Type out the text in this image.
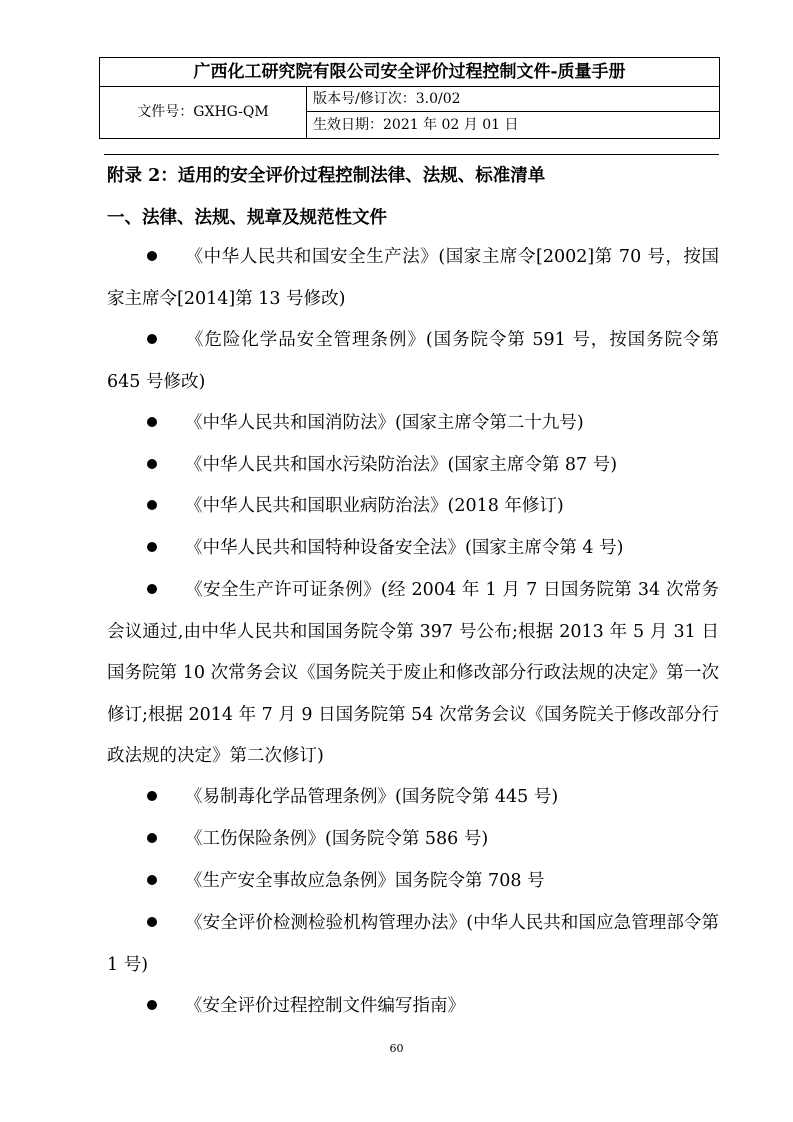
广西化工研究院有限公司安全评价过程控制文件-质量手册
文件号：GXHG-QM
版本号/修订次：3.0/02
生效日期：2021 年 02 月 01 日
附录 2：适用的安全评价过程控制法律、法规、标准清单
一、法律、法规、规章及规范性文件
《中华人民共和国安全生产法》(国家主席令[2002]第 70 号，按国家主席令[2014]第 13 号修改)
《危险化学品安全管理条例》(国务院令第 591 号，按国务院令第 645 号修改)
《中华人民共和国消防法》(国家主席令第二十九号)
《中华人民共和国水污染防治法》(国家主席令第 87 号)
《中华人民共和国职业病防治法》(2018 年修订)
《中华人民共和国特种设备安全法》(国家主席令第 4 号)
《安全生产许可证条例》(经 2004 年 1 月 7 日国务院第 34 次常务会议通过,由中华人民共和国国务院令第 397 号公布;根据 2013 年 5 月 31 日国务院第 10 次常务会议《国务院关于废止和修改部分行政法规的决定》第一次修订;根据 2014 年 7 月 9 日国务院第 54 次常务会议《国务院关于修改部分行政法规的决定》第二次修订)
《易制毒化学品管理条例》(国务院令第 445 号)
《工伤保险条例》(国务院令第 586 号)
《生产安全事故应急条例》国务院令第 708 号
《安全评价检测检验机构管理办法》(中华人民共和国应急管理部令第 1 号)
《安全评价过程控制文件编写指南》
60
